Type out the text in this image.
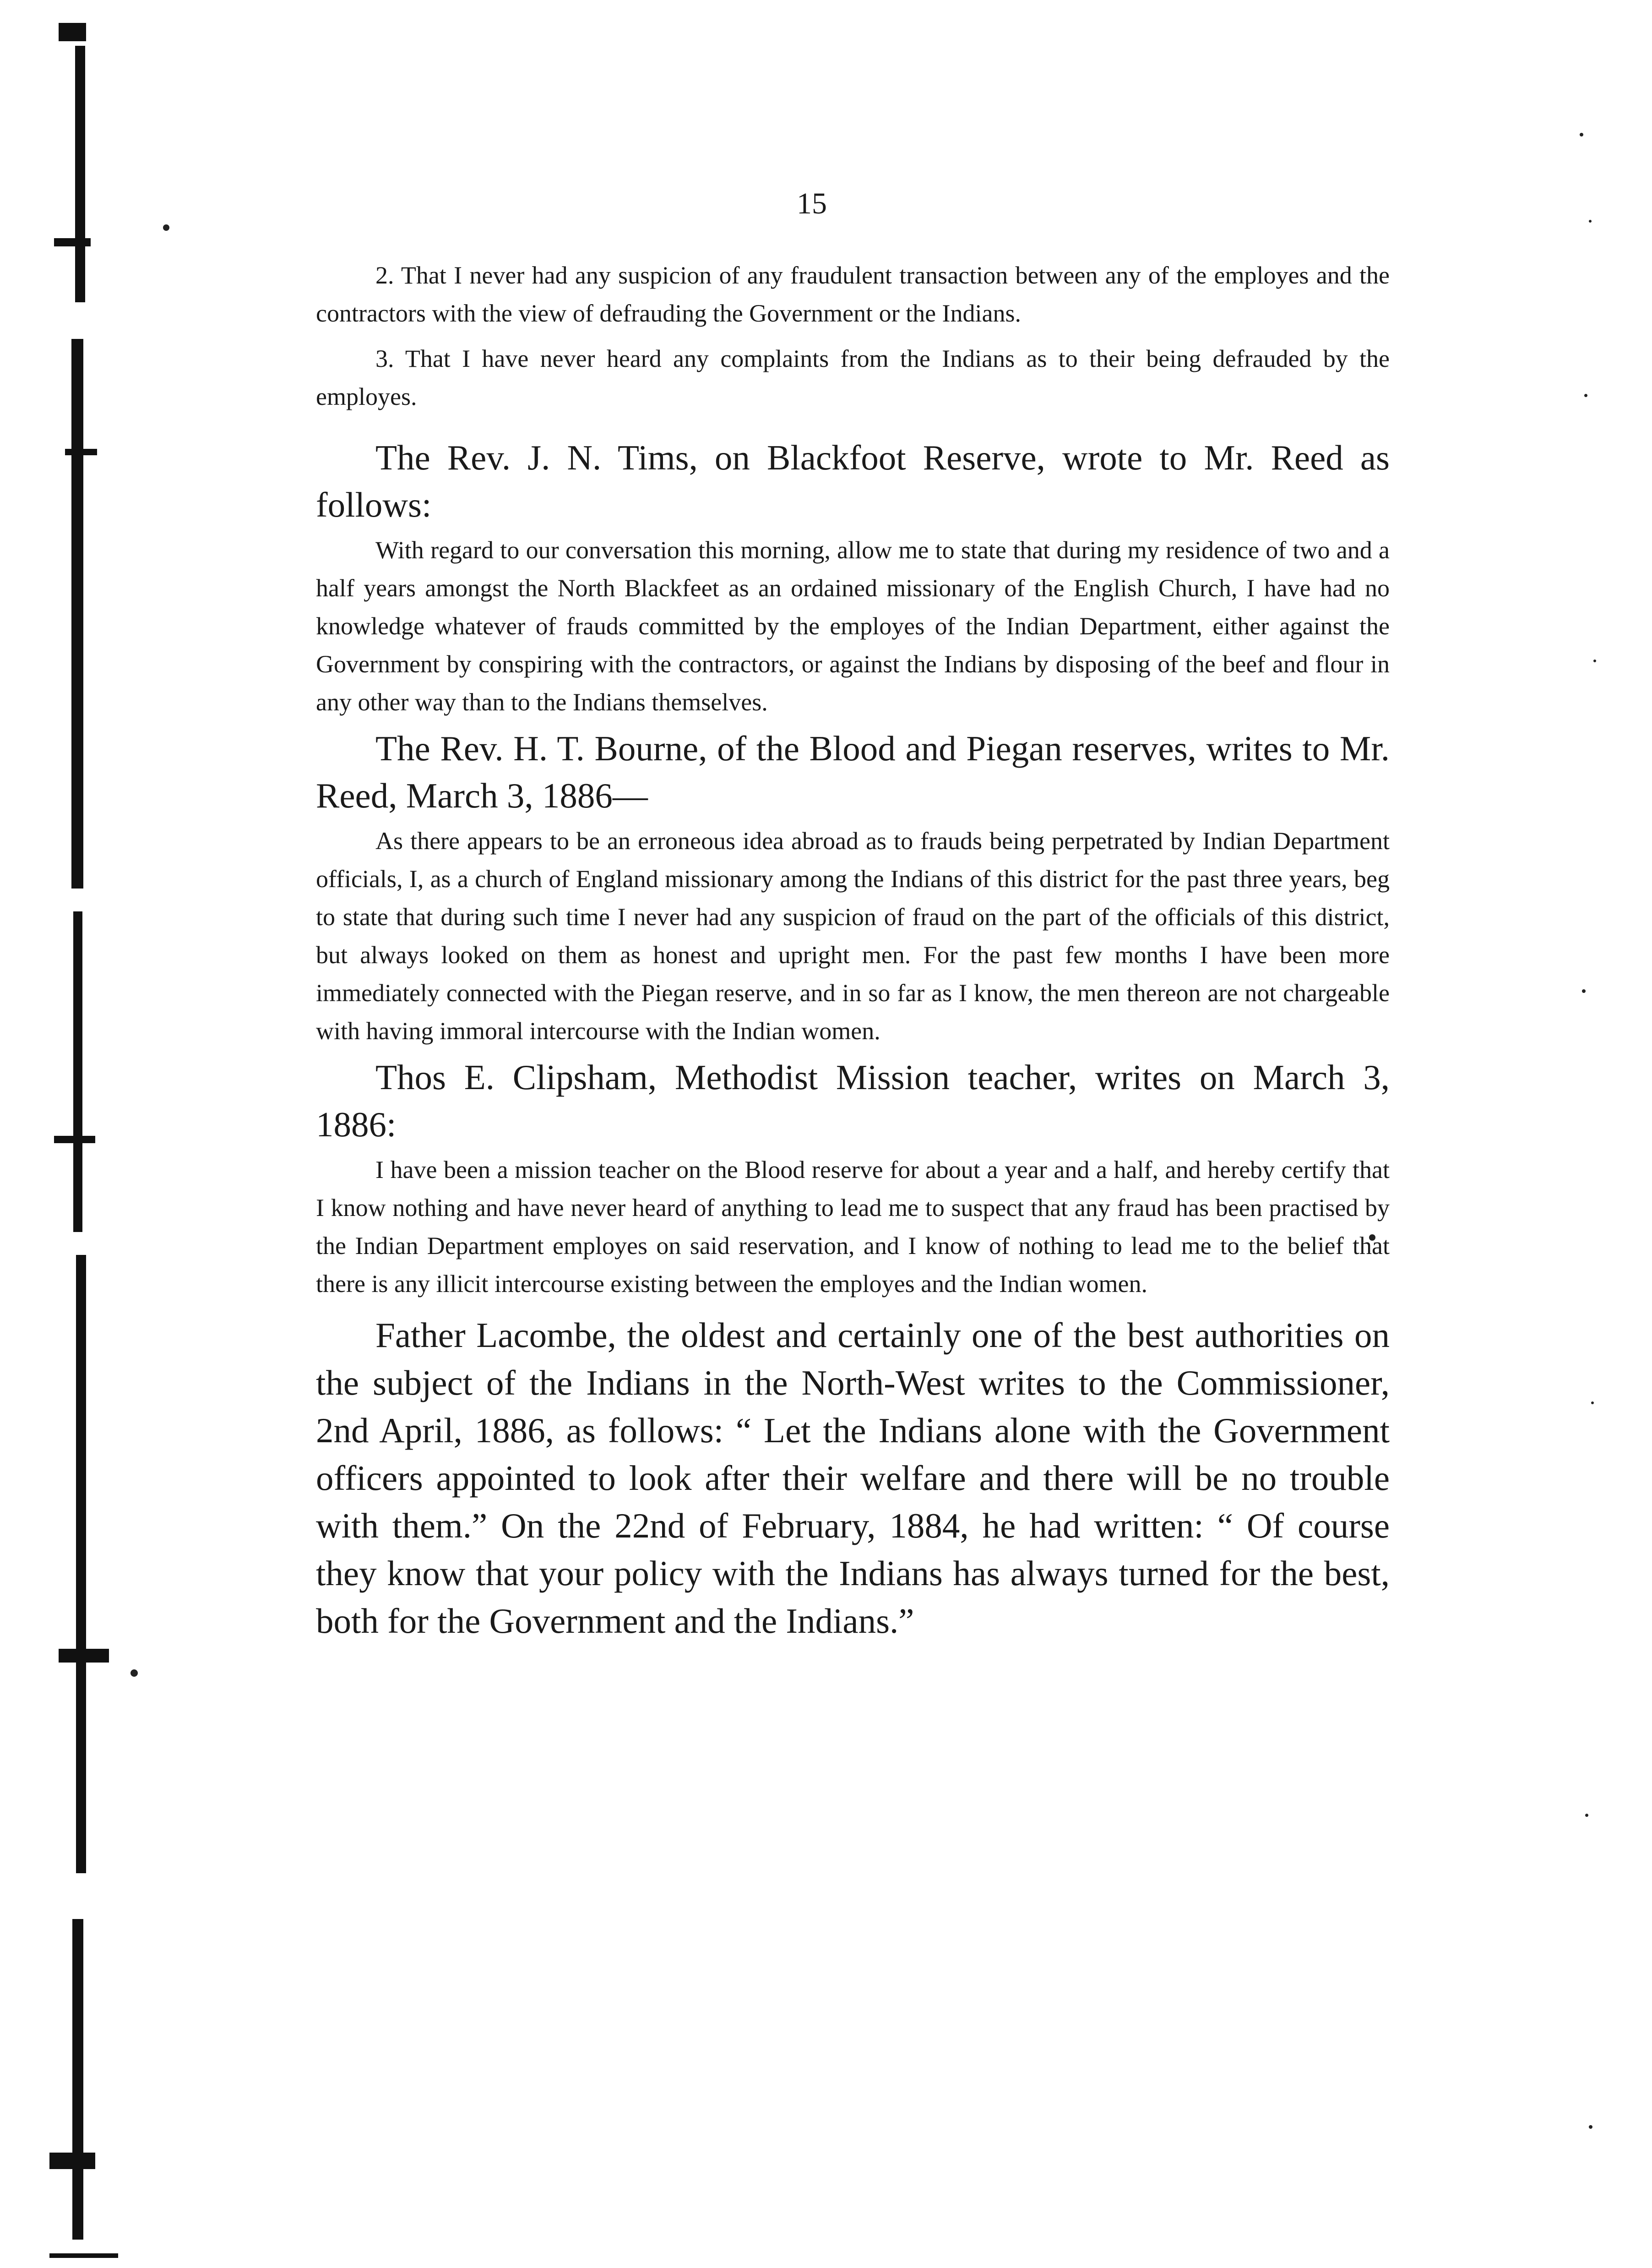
15

2. That I never had any suspicion of any fraudulent transaction between any of the employes and the contractors with the view of defrauding the Government or the Indians.

3. That I have never heard any complaints from the Indians as to their being defrauded by the employes.

The Rev. J. N. Tims, on Blackfoot Reserve, wrote to Mr. Reed as follows:

With regard to our conversation this morning, allow me to state that during my residence of two and a half years amongst the North Blackfeet as an ordained missionary of the English Church, I have had no knowledge whatever of frauds committed by the employes of the Indian Department, either against the Government by conspiring with the contractors, or against the Indians by disposing of the beef and flour in any other way than to the Indians themselves.

The Rev. H. T. Bourne, of the Blood and Piegan reserves, writes to Mr. Reed, March 3, 1886—

As there appears to be an erroneous idea abroad as to frauds being perpetrated by Indian Department officials, I, as a church of England missionary among the Indians of this district for the past three years, beg to state that during such time I never had any suspicion of fraud on the part of the officials of this district, but always looked on them as honest and upright men. For the past few months I have been more immediately connected with the Piegan reserve, and in so far as I know, the men thereon are not chargeable with having immoral intercourse with the Indian women.

Thos E. Clipsham, Methodist Mission teacher, writes on March 3, 1886:

I have been a mission teacher on the Blood reserve for about a year and a half, and hereby certify that I know nothing and have never heard of anything to lead me to suspect that any fraud has been practised by the Indian Department employes on said reservation, and I know of nothing to lead me to the belief that there is any illicit intercourse existing between the employes and the Indian women.

Father Lacombe, the oldest and certainly one of the best authorities on the subject of the Indians in the North-West writes to the Commissioner, 2nd April, 1886, as follows: “ Let the Indians alone with the Government officers appointed to look after their welfare and there will be no trouble with them.” On the 22nd of February, 1884, he had written: “ Of course they know that your policy with the Indians has always turned for the best, both for the Government and the Indians.”
